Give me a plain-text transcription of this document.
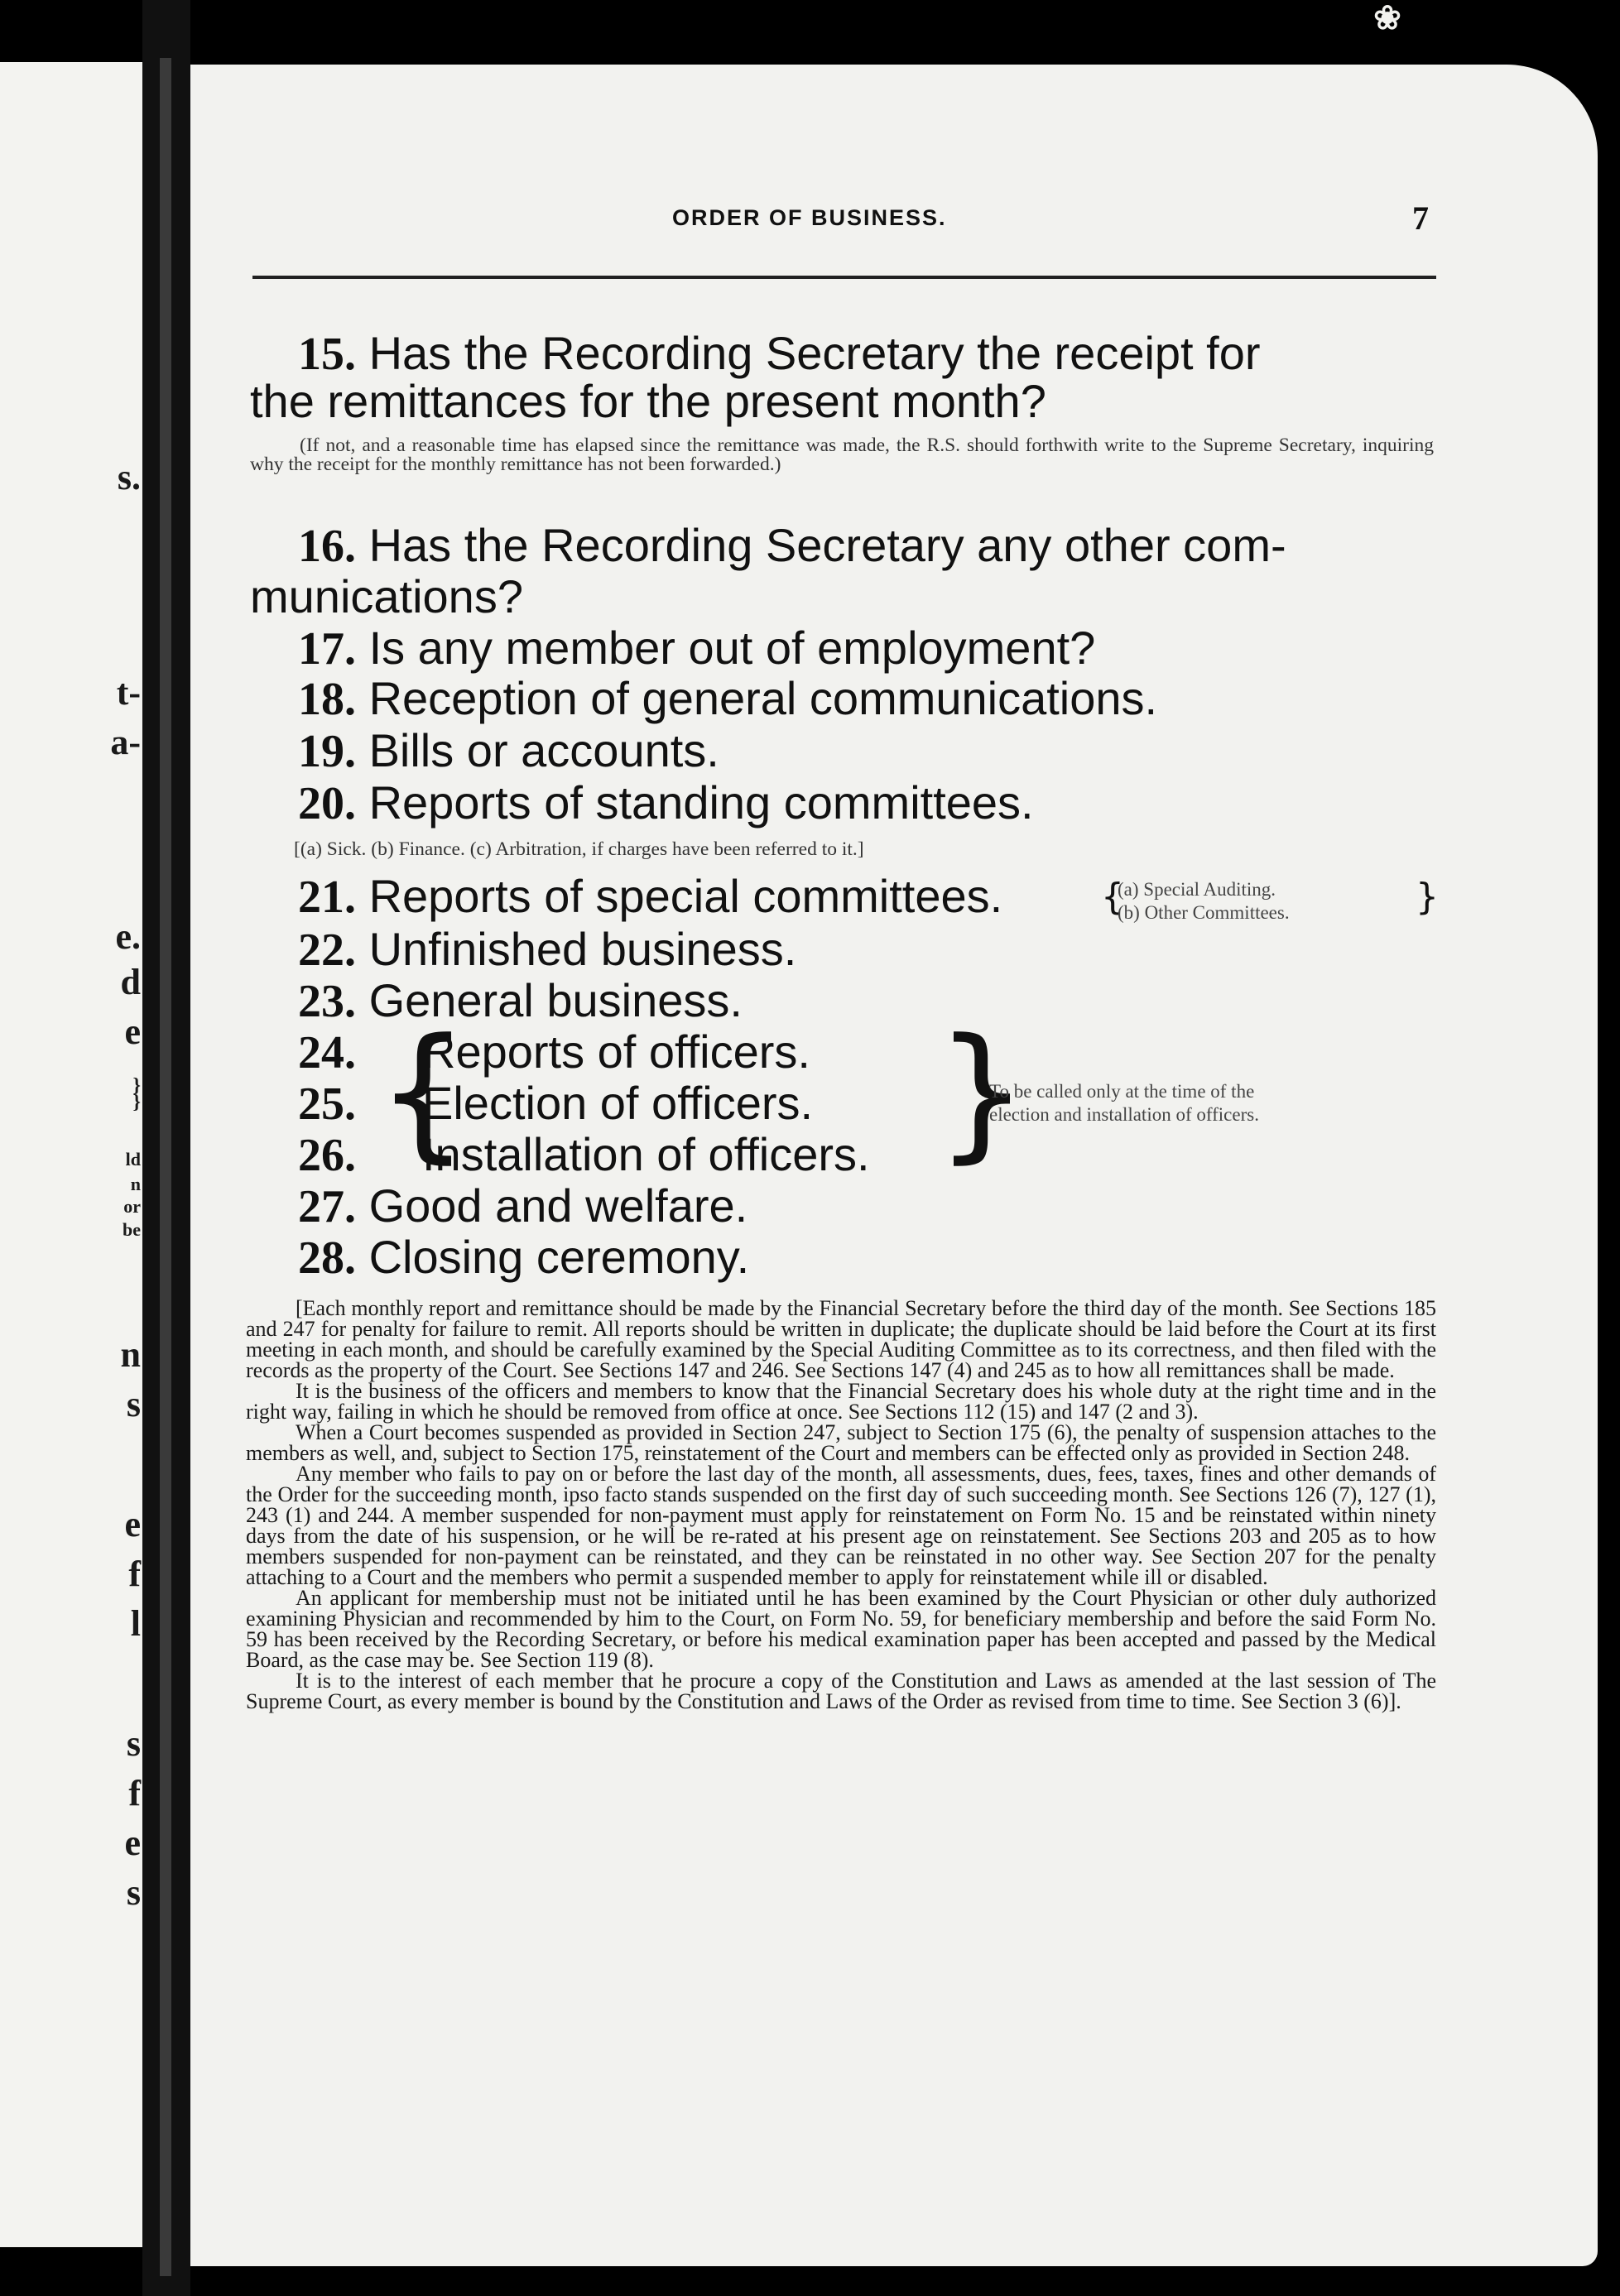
s.
t-
a-
e.
d
e
}
}
ld
n
or
be
n
s
e
f
l
s
f
e
s
❀
ORDER OF BUSINESS.	7
15. Has the Recording Secretary the receipt for
the remittances for the present month?
(If not, and a reasonable time has elapsed since the remittance was made, the R.S. should forthwith write to the Supreme Secretary, inquiring why the receipt for the monthly remittance has not been forwarded.)
16. Has the Recording Secretary any other com-
munications?
17. Is any member out of employment?
18. Reception of general communications.
19. Bills or accounts.
20. Reports of standing committees.
[(a) Sick. (b) Finance. (c) Arbitration, if charges have been referred to it.]
21. Reports of special committees.	{
(a) Special Auditing.
(b) Other Committees.	}
22. Unfinished business.
23. General business.
24. Reports of officers.
25. Election of officers.
26. Installation of officers.
{	}
To be called only at the time of the
election and installation of officers.
27. Good and welfare.
28. Closing ceremony.

[Each monthly report and remittance should be made by the Financial Secretary before the third day of the month. See Sections 185 and 247 for penalty for failure to remit. All reports should be written in duplicate; the duplicate should be laid before the Court at its first meeting in each month, and should be carefully examined by the Special Auditing Committee as to its correctness, and then filed with the records as the property of the Court. See Sections 147 and 246. See Sections 147 (4) and 245 as to how all remittances shall be made.

It is the business of the officers and members to know that the Financial Secretary does his whole duty at the right time and in the right way, failing in which he should be removed from office at once. See Sections 112 (15) and 147 (2 and 3).

When a Court becomes suspended as provided in Section 247, subject to Section 175 (6), the penalty of suspension attaches to the members as well, and, subject to Section 175, reinstatement of the Court and members can be effected only as provided in Section 248.

Any member who fails to pay on or before the last day of the month, all assessments, dues, fees, taxes, fines and other demands of the Order for the succeeding month, ipso facto stands suspended on the first day of such succeeding month. See Sections 126 (7), 127 (1), 243 (1) and 244. A member suspended for non-payment must apply for reinstatement on Form No. 15 and be reinstated within ninety days from the date of his suspension, or he will be re-rated at his present age on reinstatement. See Sections 203 and 205 as to how members suspended for non-payment can be reinstated, and they can be reinstated in no other way. See Section 207 for the penalty attaching to a Court and the members who permit a suspended member to apply for reinstatement while ill or disabled.

An applicant for membership must not be initiated until he has been examined by the Court Physician or other duly authorized examining Physician and recommended by him to the Court, on Form No. 59, for beneficiary membership and before the said Form No. 59 has been received by the Recording Secretary, or before his medical examination paper has been accepted and passed by the Medical Board, as the case may be. See Section 119 (8).

It is to the interest of each member that he procure a copy of the Constitution and Laws as amended at the last session of The Supreme Court, as every member is bound by the Constitution and Laws of the Order as revised from time to time. See Section 3 (6)].
